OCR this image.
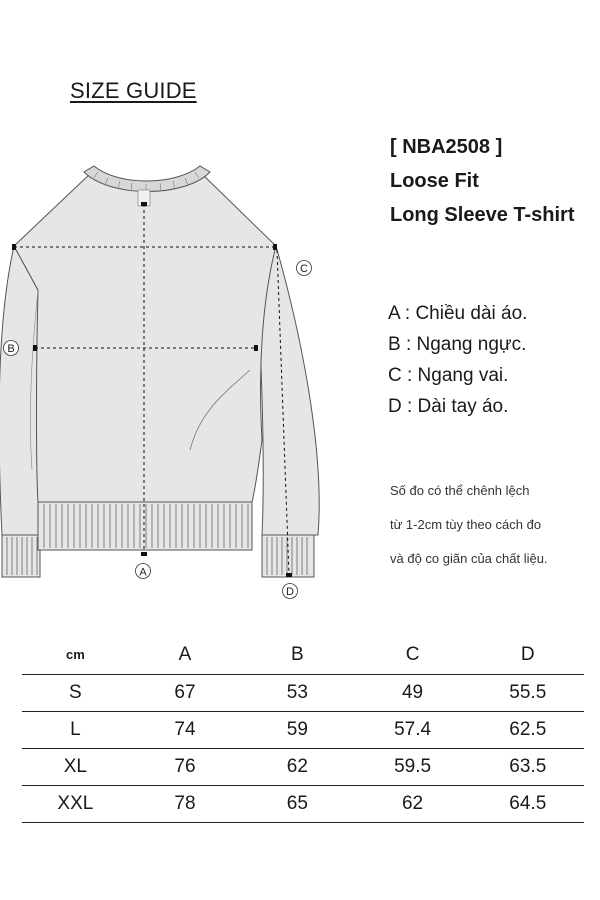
SIZE GUIDE
[ NBA2508 ]
Loose Fit
Long Sleeve T-shirt
A
B
C
D
A : Chiều dài áo.
B : Ngang ngực.
C : Ngang vai.
D : Dài tay áo.
Số đo có thể chênh lệch
từ 1-2cm tùy theo cách đo
và độ co giãn của chất liệu.
cm	A	B	C	D
S	67	53	49	55.5
L	74	59	57.4	62.5
XL	76	62	59.5	63.5
XXL	78	65	62	64.5
